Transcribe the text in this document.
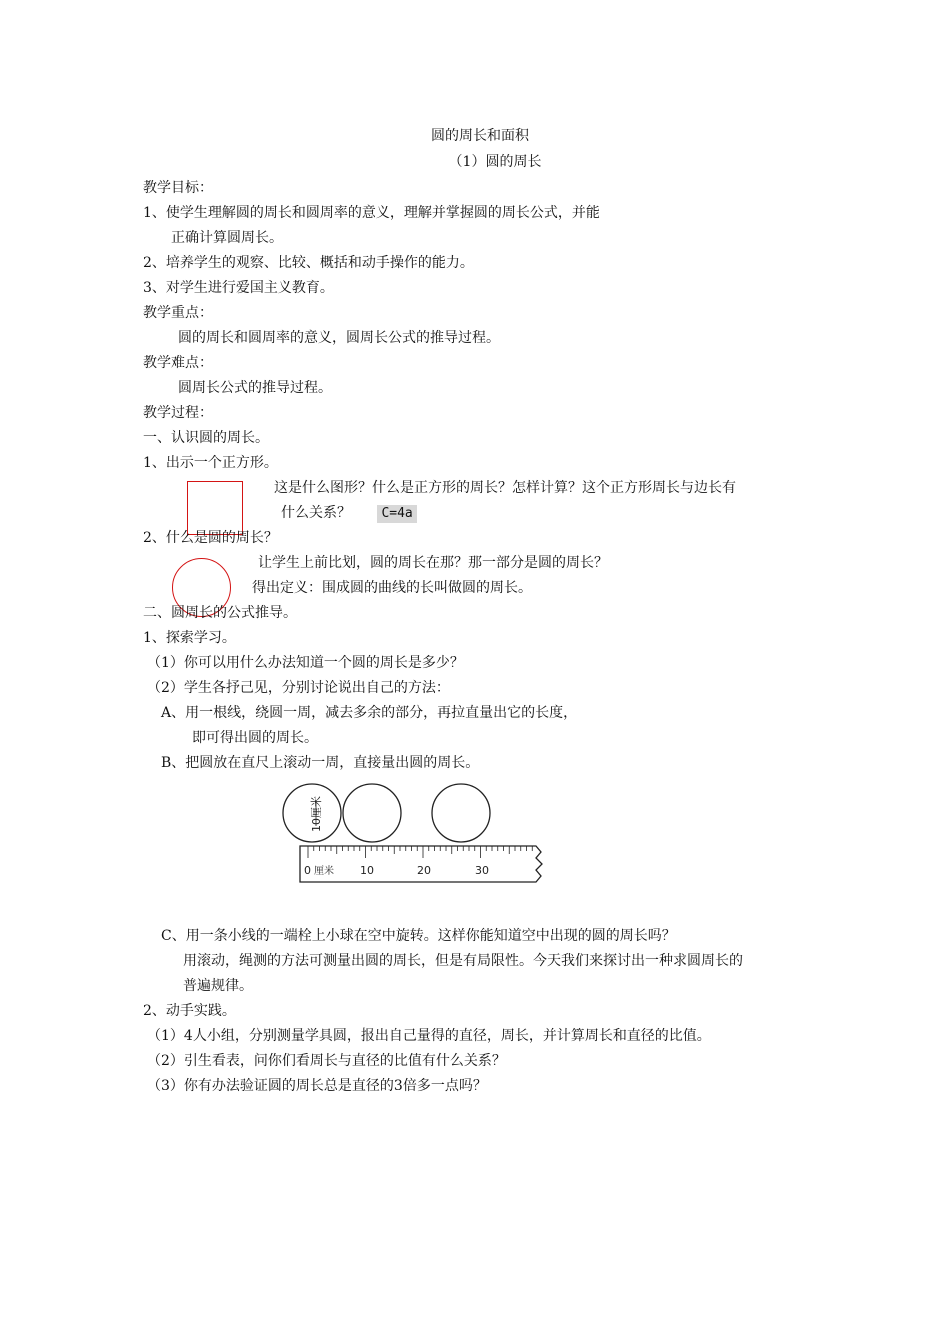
圆的周长和面积
（1）圆的周长
教学目标：
1、使学生理解圆的周长和圆周率的意义，理解并掌握圆的周长公式，并能
正确计算圆周长。
2、培养学生的观察、比较、概括和动手操作的能力。
3、对学生进行爱国主义教育。
教学重点：
圆的周长和圆周率的意义，圆周长公式的推导过程。
教学难点：
圆周长公式的推导过程。
教学过程：
一、认识圆的周长。
1、出示一个正方形。
这是什么图形？什么是正方形的周长？怎样计算？这个正方形周长与边长有
什么关系？ C=4a
2、什么是圆的周长？
让学生上前比划，圆的周长在那？那一部分是圆的周长？
得出定义：围成圆的曲线的长叫做圆的周长。
二、圆周长的公式推导。
1、探索学习。
（1）你可以用什么办法知道一个圆的周长是多少？
（2）学生各抒己见，分别讨论说出自己的方法：
A、用一根线，绕圆一周，减去多余的部分，再拉直量出它的长度，
即可得出圆的周长。
B、把圆放在直尺上滚动一周，直接量出圆的周长。
10厘米
0 厘米 10	20	30
C、用一条小线的一端栓上小球在空中旋转。这样你能知道空中出现的圆的周长吗？
用滚动，绳测的方法可测量出圆的周长，但是有局限性。今天我们来探讨出一种求圆周长的
普遍规律。
2、动手实践。
（1）4人小组，分别测量学具圆，报出自己量得的直径，周长，并计算周长和直径的比值。
（2）引生看表，问你们看周长与直径的比值有什么关系？
（3）你有办法验证圆的周长总是直径的3倍多一点吗？
